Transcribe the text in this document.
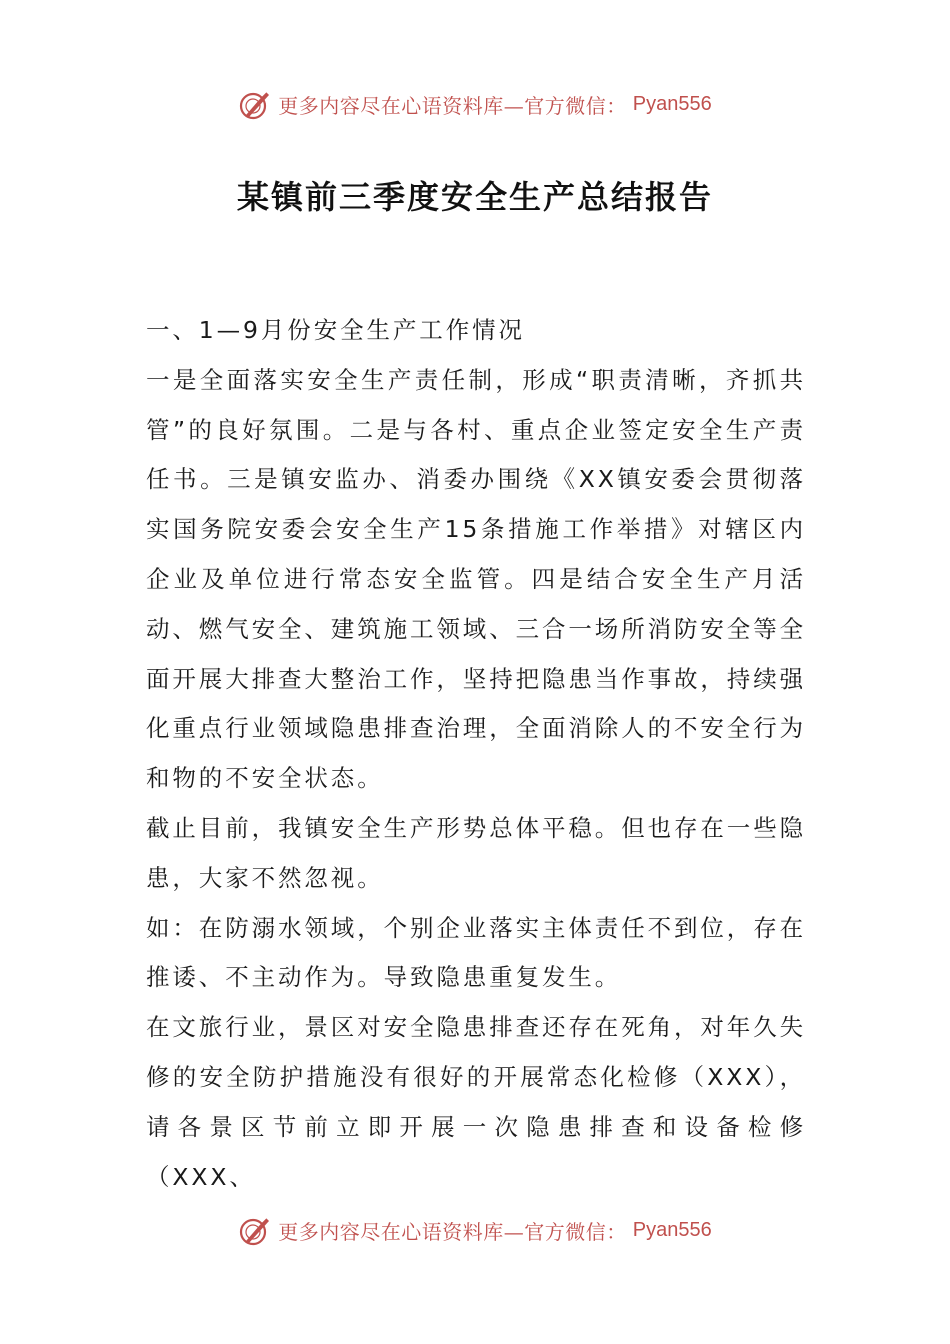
更多内容尽在心语资料库—官方微信： Pyan556
某镇前三季度安全生产总结报告

一、1—9月份安全生产工作情况

一是全面落实安全生产责任制，形成“职责清晰，齐抓共管”的良好氛围。二是与各村、重点企业签定安全生产责任书。三是镇安监办、消委办围绕《XX镇安委会贯彻落实国务院安委会安全生产15条措施工作举措》对辖区内企业及单位进行常态安全监管。四是结合安全生产月活动、燃气安全、建筑施工领域、三合一场所消防安全等全面开展大排查大整治工作，坚持把隐患当作事故，持续强化重点行业领域隐患排查治理，全面消除人的不安全行为和物的不安全状态。

截止目前，我镇安全生产形势总体平稳。但也存在一些隐患，大家不然忽视。

如：在防溺水领域，个别企业落实主体责任不到位，存在推诿、不主动作为。导致隐患重复发生。

在文旅行业，景区对安全隐患排查还存在死角，对年久失修的安全防护措施没有很好的开展常态化检修（XXX），请各景区节前立即开展一次隐患排查和设备检修（XXX、

更多内容尽在心语资料库—官方微信： Pyan556
